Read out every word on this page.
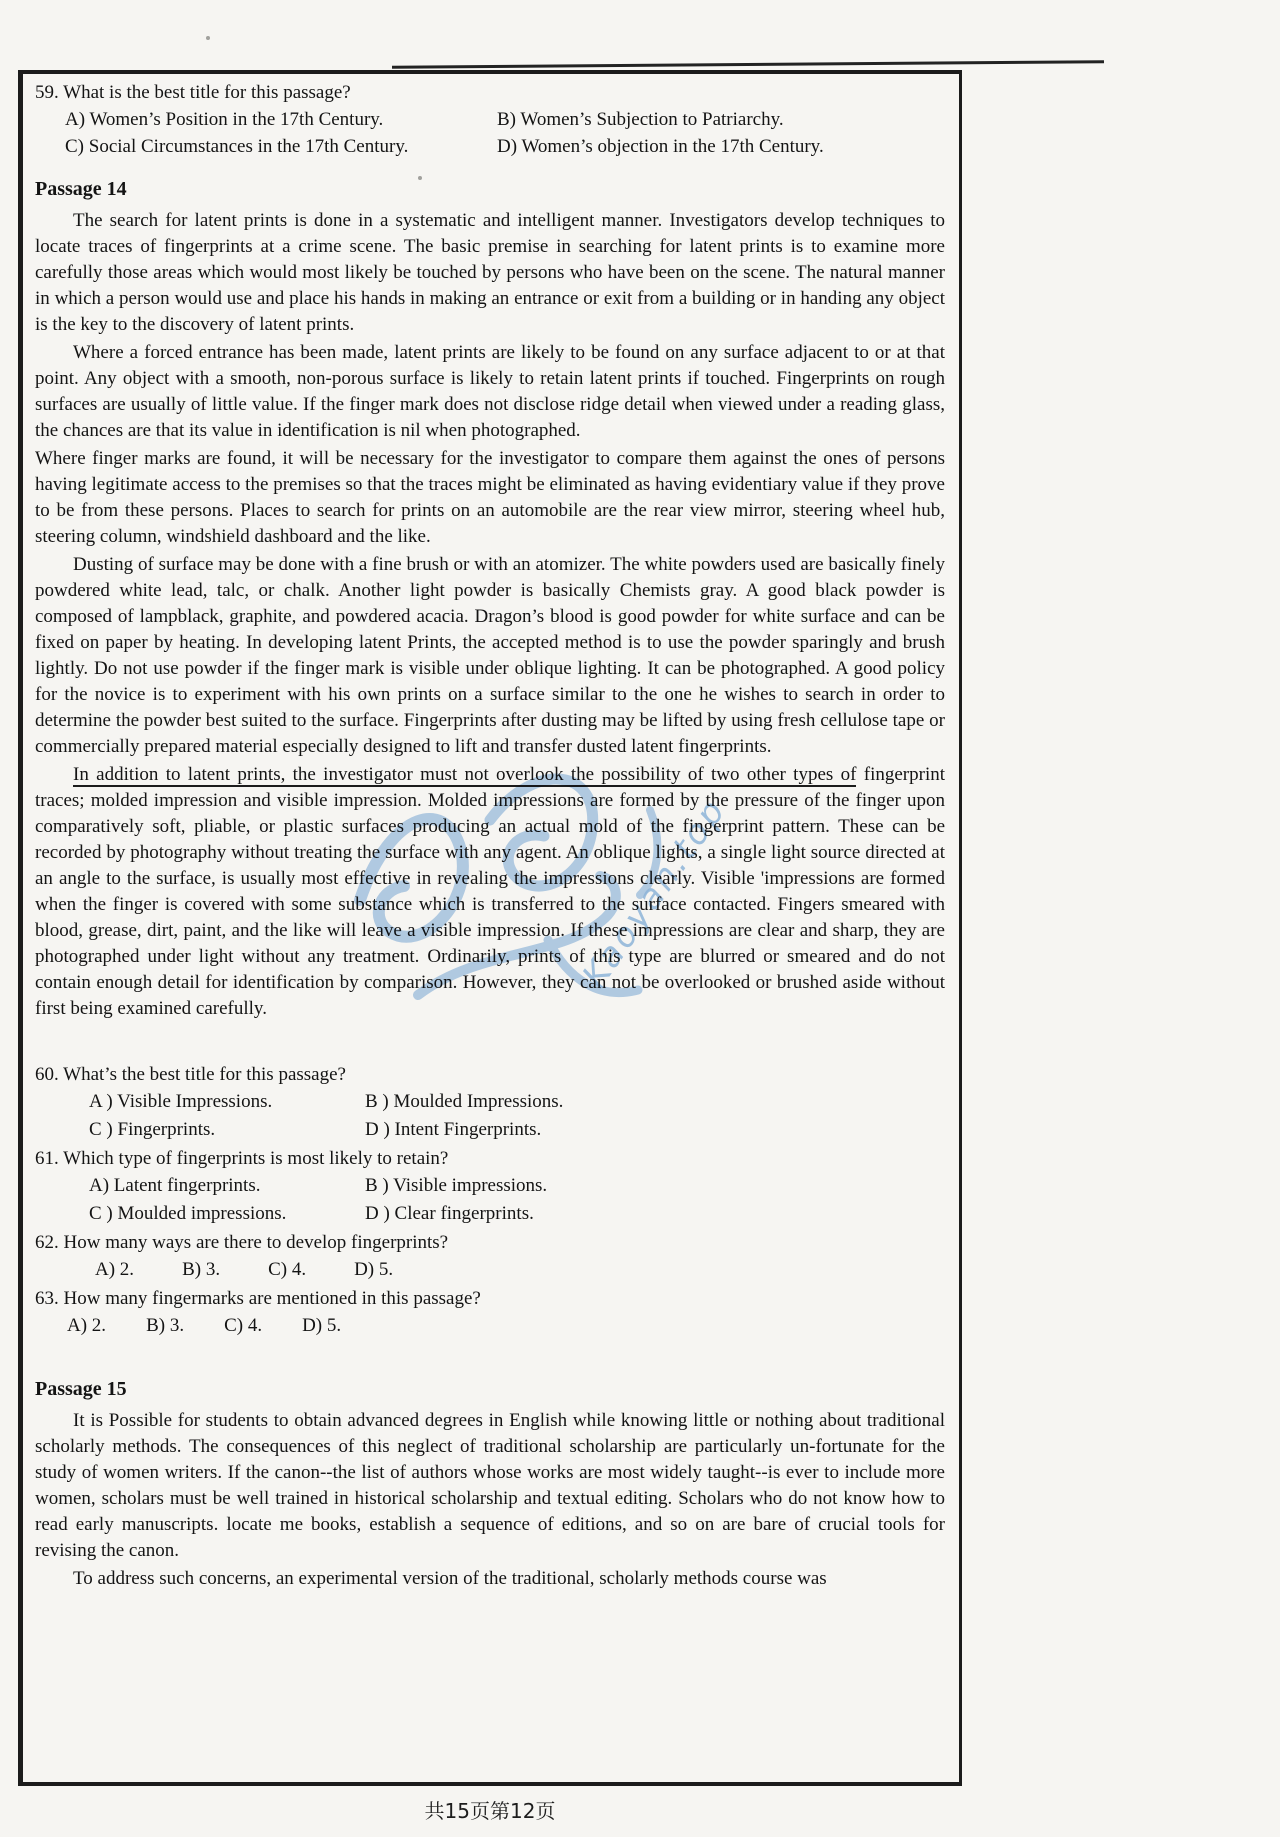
59. What is the best title for this passage?
A) Women’s Position in the 17th Century.	B) Women’s Subjection to Patriarchy.
C) Social Circumstances in the 17th Century.	D) Women’s objection in the 17th Century.
Passage 14

The search for latent prints is done in a systematic and intelligent manner. Investigators develop techniques to locate traces of fingerprints at a crime scene. The basic premise in searching for latent prints is to examine more carefully those areas which would most likely be touched by persons who have been on the scene. The natural manner in which a person would use and place his hands in making an entrance or exit from a building or in handing any object is the key to the discovery of latent prints.

Where a forced entrance has been made, latent prints are likely to be found on any surface adjacent to or at that point. Any object with a smooth, non-porous surface is likely to retain latent prints if touched. Fingerprints on rough surfaces are usually of little value. If the finger mark does not disclose ridge detail when viewed under a reading glass, the chances are that its value in identification is nil when photographed.

Where finger marks are found, it will be necessary for the investigator to compare them against the ones of persons having legitimate access to the premises so that the traces might be eliminated as having evidentiary value if they prove to be from these persons. Places to search for prints on an automobile are the rear view mirror, steering wheel hub, steering column, windshield dashboard and the like.

Dusting of surface may be done with a fine brush or with an atomizer. The white powders used are basically finely powdered white lead, talc, or chalk. Another light powder is basically Chemists gray. A good black powder is composed of lampblack, graphite, and powdered acacia. Dragon’s blood is good powder for white surface and can be fixed on paper by heating. In developing latent Prints, the accepted method is to use the powder sparingly and brush lightly. Do not use powder if the finger mark is visible under oblique lighting. It can be photographed. A good policy for the novice is to experiment with his own prints on a surface similar to the one he wishes to search in order to determine the powder best suited to the surface. Fingerprints after dusting may be lifted by using fresh cellulose tape or commercially prepared material especially designed to lift and transfer dusted latent fingerprints.

In addition to latent prints, the investigator must not overlook the possibility of two other types of fingerprint traces; molded impression and visible impression. Molded impressions are formed by the pressure of the finger upon comparatively soft, pliable, or plastic surfaces producing an actual mold of the fingerprint pattern. These can be recorded by photography without treating the surface with any agent. An oblique lights, a single light source directed at an angle to the surface, is usually most effective in revealing the impressions clearly. Visible 'impressions are formed when the finger is covered with some substance which is transferred to the surface contacted. Fingers smeared with blood, grease, dirt, paint, and the like will leave a visible impression. If these impressions are clear and sharp, they are photographed under light without any treatment. Ordinarily, prints of this type are blurred or smeared and do not contain enough detail for identification by comparison. However, they can not be overlooked or brushed aside without first being examined carefully.

60. What’s the best title for this passage?
A ) Visible Impressions.	B ) Moulded Impressions.
C ) Fingerprints.	D ) Intent Fingerprints.
61. Which type of fingerprints is most likely to retain?
A) Latent fingerprints.	B ) Visible impressions.
C ) Moulded impressions.	D ) Clear fingerprints.
62. How many ways are there to develop fingerprints?
A) 2.	B) 3.	C) 4.	D) 5.
63. How many fingermarks are mentioned in this passage?
A) 2. B) 3. C) 4. D) 5.
Passage 15

It is Possible for students to obtain advanced degrees in English while knowing little or nothing about traditional scholarly methods. The consequences of this neglect of traditional scholarship are particularly un-fortunate for the study of women writers. If the canon--the list of authors whose works are most widely taught--is ever to include more women, scholars must be well trained in historical scholarship and textual editing. Scholars who do not know how to read early manuscripts. locate me books, establish a sequence of editions, and so on are bare of crucial tools for revising the canon.

To address such concerns, an experimental version of the traditional, scholarly methods course was

Kaoyan.top
共15页第12页
